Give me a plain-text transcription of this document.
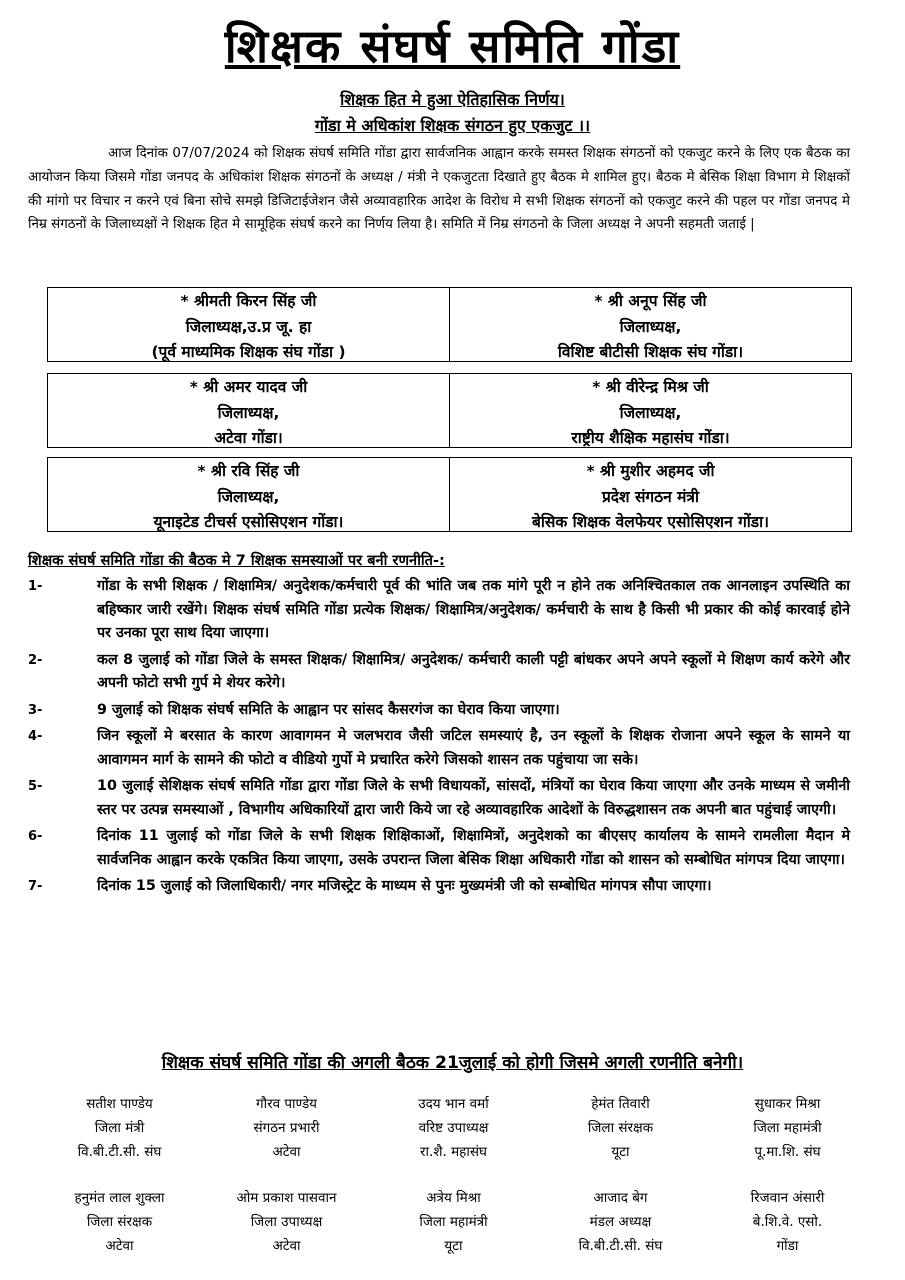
शिक्षक संघर्ष समिति गोंडा
शिक्षक हित मे हुआ ऐतिहासिक निर्णय।
गोंडा मे अधिकांश शिक्षक संगठन हुए एकजुट ।।
आज दिनांक 07/07/2024 को शिक्षक संघर्ष समिति गोंडा द्वारा सार्वजनिक आह्वान करके समस्त शिक्षक संगठनों को एकजुट करने के लिए एक बैठक का आयोजन किया जिसमे गोंडा जनपद के अधिकांश शिक्षक संगठनों के अध्यक्ष / मंत्री ने एकजुटता दिखाते हुए बैठक मे शामिल हुए। बैठक मे बेसिक शिक्षा विभाग मे शिक्षकों की मांगो पर विचार न करने एवं बिना सोचे समझे डिजिटाईजेशन जैसे अव्यावहारिक आदेश के विरोध मे सभी शिक्षक संगठनों को एकजुट करने की पहल पर गोंडा जनपद मे निम्र संगठनों के जिलाध्यक्षों ने शिक्षक हित मे सामूहिक संघर्ष करने का निर्णय लिया है। समिति में निम्र संगठनो के जिला अध्यक्ष ने अपनी सहमती जताई |
* श्रीमती किरन सिंह जी
जिलाध्यक्ष,उ.प्र जू. हा
(पूर्व माध्यमिक शिक्षक संघ गोंडा )
* श्री अनूप सिंह जी
जिलाध्यक्ष,
विशिष्ट बीटीसी शिक्षक संघ गोंडा।
* श्री अमर यादव जी
जिलाध्यक्ष,
अटेवा गोंडा।
* श्री वीरेन्द्र मिश्र जी
जिलाध्यक्ष,
राष्ट्रीय शैक्षिक महासंघ गोंडा।
* श्री रवि सिंह जी
जिलाध्यक्ष,
यूनाइटेड टीचर्स एसोसिएशन गोंडा।
* श्री मुशीर अहमद जी
प्रदेश संगठन मंत्री
बेसिक शिक्षक वेलफेयर एसोसिएशन गोंडा।
शिक्षक संघर्ष समिति गोंडा की बैठक मे 7 शिक्षक समस्याओं पर बनी रणनीति-:
1-	गोंडा के सभी शिक्षक / शिक्षामित्र/ अनुदेशक/कर्मचारी पूर्व की भांति जब तक मांगे पूरी न होने तक अनिश्चितकाल तक आनलाइन उपस्थिति का बहिष्कार जारी रखेंगे। शिक्षक संघर्ष समिति गोंडा प्रत्येक शिक्षक/ शिक्षामित्र/अनुदेशक/ कर्मचारी के साथ है किसी भी प्रकार की कोई कारवाई होने पर उनका पूरा साथ दिया जाएगा।
2-	कल 8 जुलाई को गोंडा जिले के समस्त शिक्षक/ शिक्षामित्र/ अनुदेशक/ कर्मचारी काली पट्टी बांधकर अपने अपने स्कूलों मे शिक्षण कार्य करेगे और अपनी फोटो सभी गुर्प मे शेयर करेगे।
3-	9 जुलाई को शिक्षक संघर्ष समिति के आह्वान पर सांसद कैसरगंज का घेराव किया जाएगा।
4-	जिन स्कूलों मे बरसात के कारण आवागमन मे जलभराव जैसी जटिल समस्याएं है, उन स्कूलों के शिक्षक रोजाना अपने स्कूल के सामने या आवागमन मार्ग के सामने की फोटो व वीडियो गुर्पो मे प्रचारित करेगे जिसको शासन तक पहुंचाया जा सके।
5-	10 जुलाई सेशिक्षक संघर्ष समिति गोंडा द्वारा गोंडा जिले के सभी विधायकों, सांसदों, मंत्रियों का घेराव किया जाएगा और उनके माध्यम से जमीनी स्तर पर उत्पन्न समस्याओं , विभागीय अधिकारियों द्वारा जारी किये जा रहे अव्यावहारिक आदेशों के विरुद्धशासन तक अपनी बात पहुंचाई जाएगी।
6-	दिनांक 11 जुलाई को गोंडा जिले के सभी शिक्षक शिक्षिकाओं, शिक्षामित्रों, अनुदेशको का बीएसए कार्यालय के सामने रामलीला मैदान मे सार्वजनिक आह्वान करके एकत्रित किया जाएगा, उसके उपरान्त जिला बेसिक शिक्षा अधिकारी गोंडा को शासन को सम्बोधित मांगपत्र दिया जाएगा।
7-	दिनांक 15 जुलाई को जिलाधिकारी/ नगर मजिस्ट्रेट के माध्यम से पुनः मुख्यमंत्री जी को सम्बोधित मांगपत्र सौपा जाएगा।
शिक्षक संघर्ष समिति गोंडा की अगली बैठक 21जुलाई को होगी जिसमे अगली रणनीति बनेगी।
सतीश पाण्डेय
जिला मंत्री
वि.बी.टी.सी. संघ
गौरव पाण्डेय
संगठन प्रभारी
अटेवा
उदय भान वर्मा
वरिष्ट उपाध्यक्ष
रा.शै. महासंघ
हेमंत तिवारी
जिला संरक्षक
यूटा
सुधाकर मिश्रा
जिला महामंत्री
पू.मा.शि. संघ
हनुमंत लाल शुक्ला
जिला संरक्षक
अटेवा
ओम प्रकाश पासवान
जिला उपाध्यक्ष
अटेवा
अत्रेय मिश्रा
जिला महामंत्री
यूटा
आजाद बेग
मंडल अध्यक्ष
वि.बी.टी.सी. संघ
रिजवान अंसारी
बे.शि.वे. एसो.
गोंडा
